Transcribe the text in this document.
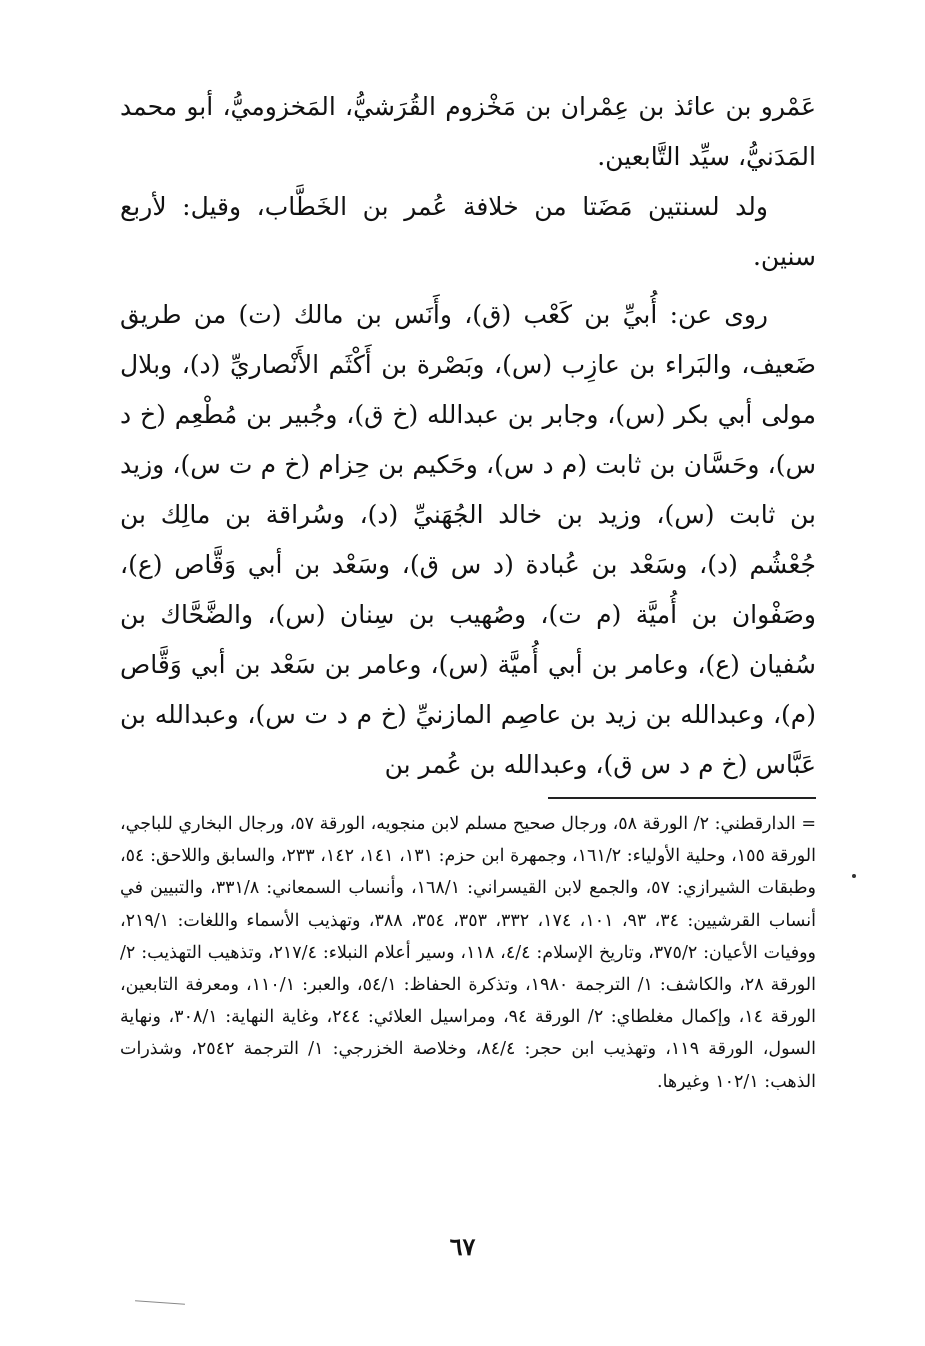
عَمْرو بن عائذ بن عِمْران بن مَخْزوم القُرَشيُّ، المَخزوميُّ، أبو محمد المَدَنيُّ، سيِّد التَّابعين.

ولد لسنتين مَضَتا من خلافة عُمر بن الخَطَّاب، وقيل: لأربع سنين.

روى عن: أُبيِّ بن كَعْب (ق)، وأَنَس بن مالك (ت) من طريق ضَعيف، والبَراء بن عازِب (س)، وبَصْرة بن أَكْثَم الأَنْصاريِّ (د)، وبلال مولى أبي بكر (س)، وجابر بن عبدالله (خ ق)، وجُبير بن مُطْعِم (خ د س)، وحَسَّان بن ثابت (م د س)، وحَكيم بن حِزام (خ م ت س)، وزيد بن ثابت (س)، وزيد بن خالد الجُهَنيِّ (د)، وسُراقة بن مالِك بن جُعْشُم (د)، وسَعْد بن عُبادة (د س ق)، وسَعْد بن أبي وَقَّاص (ع)، وصَفْوان بن أُميَّة (م ت)، وصُهيب بن سِنان (س)، والضَّحَّاك بن سُفيان (ع)، وعامر بن أبي أُميَّة (س)، وعامر بن سَعْد بن أبي وَقَّاص (م)، وعبدالله بن زيد بن عاصِم المازنيِّ (خ م د ت س)، وعبدالله بن عَبَّاس (خ م د س ق)، وعبدالله بن عُمر بن

= الدارقطني: ٢/ الورقة ٥٨، ورجال صحيح مسلم لابن منجويه، الورقة ٥٧، ورجال البخاري للباجي، الورقة ١٥٥، وحلية الأولياء: ١٦١/٢، وجمهرة ابن حزم: ١٣١، ١٤١، ١٤٢، ٢٣٣، والسابق واللاحق: ٥٤، وطبقات الشيرازي: ٥٧، والجمع لابن القيسراني: ١٦٨/١، وأنساب السمعاني: ٣٣١/٨، والتبيين في أنساب القرشيين: ٣٤، ٩٣، ١٠١، ١٧٤، ٣٣٢، ٣٥٣، ٣٥٤، ٣٨٨، وتهذيب الأسماء واللغات: ٢١٩/١، ووفيات الأعيان: ٣٧٥/٢، وتاريخ الإسلام: ٤/٤، ١١٨، وسير أعلام النبلاء: ٢١٧/٤، وتذهيب التهذيب: ٢/ الورقة ٢٨، والكاشف: ١/ الترجمة ١٩٨٠، وتذكرة الحفاظ: ٥٤/١، والعبر: ١١٠/١، ومعرفة التابعين، الورقة ١٤، وإكمال مغلطاي: ٢/ الورقة ٩٤، ومراسيل العلائي: ٢٤٤، وغاية النهاية: ٣٠٨/١، ونهاية السول، الورقة ١١٩، وتهذيب ابن حجر: ٨٤/٤، وخلاصة الخزرجي: ١/ الترجمة ٢٥٤٢، وشذرات الذهب: ١٠٢/١ وغيرها.

٦٧
